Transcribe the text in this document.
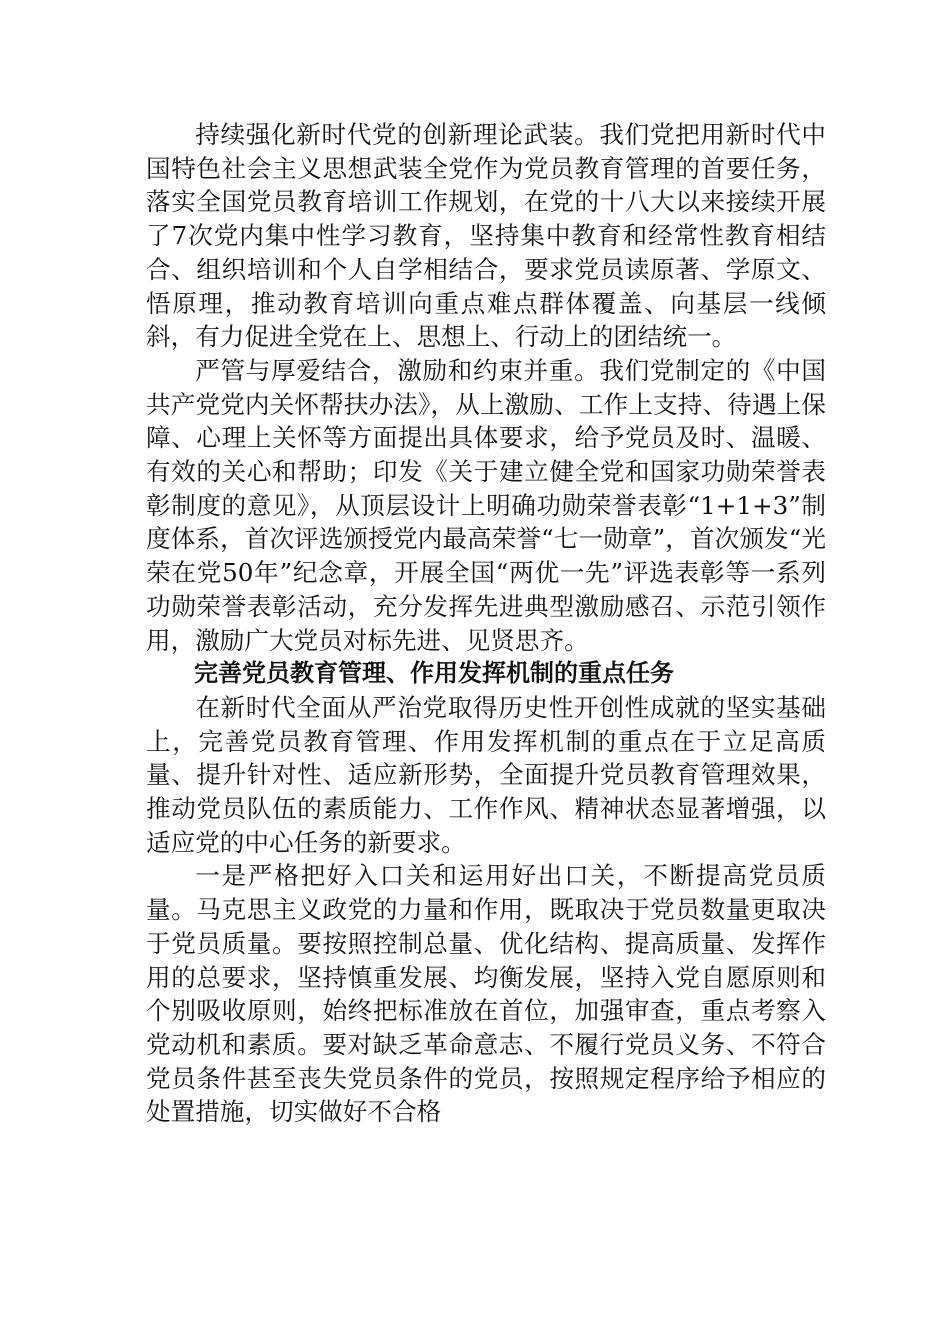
持续强化新时代党的创新理论武装。我们党把用新时代中国特色社会主义思想武装全党作为党员教育管理的首要任务，落实全国党员教育培训工作规划，在党的十八大以来接续开展了7次党内集中性学习教育，坚持集中教育和经常性教育相结合、组织培训和个人自学相结合，要求党员读原著、学原文、悟原理，推动教育培训向重点难点群体覆盖、向基层一线倾斜，有力促进全党在上、思想上、行动上的团结统一。

严管与厚爱结合，激励和约束并重。我们党制定的《中国共产党党内关怀帮扶办法》，从上激励、工作上支持、待遇上保障、心理上关怀等方面提出具体要求，给予党员及时、温暖、有效的关心和帮助；印发《关于建立健全党和国家功勋荣誉表彰制度的意见》，从顶层设计上明确功勋荣誉表彰“1+1+3”制度体系，首次评选颁授党内最高荣誉“七一勋章”，首次颁发“光荣在党50年”纪念章，开展全国“两优一先”评选表彰等一系列功勋荣誉表彰活动，充分发挥先进典型激励感召、示范引领作用，激励广大党员对标先进、见贤思齐。

完善党员教育管理、作用发挥机制的重点任务

在新时代全面从严治党取得历史性开创性成就的坚实基础上，完善党员教育管理、作用发挥机制的重点在于立足高质量、提升针对性、适应新形势，全面提升党员教育管理效果，推动党员队伍的素质能力、工作作风、精神状态显著增强，以适应党的中心任务的新要求。

一是严格把好入口关和运用好出口关，不断提高党员质量。马克思主义政党的力量和作用，既取决于党员数量更取决于党员质量。要按照控制总量、优化结构、提高质量、发挥作用的总要求，坚持慎重发展、均衡发展，坚持入党自愿原则和个别吸收原则，始终把标准放在首位，加强审查，重点考察入党动机和素质。要对缺乏革命意志、不履行党员义务、不符合党员条件甚至丧失党员条件的党员，按照规定程序给予相应的处置措施，切实做好不合格
